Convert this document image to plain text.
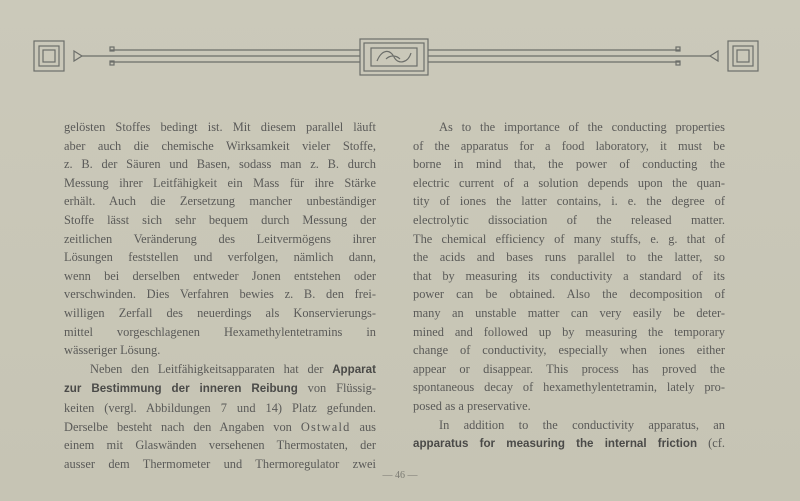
gelösten Stoffes bedingt ist. Mit diesem parallel läuft
aber auch die chemische Wirksamkeit vieler Stoffe,
z. B. der Säuren und Basen, sodass man z. B. durch
Messung ihrer Leitfähigkeit ein Mass für ihre Stärke
erhält. Auch die Zersetzung mancher unbeständiger
Stoffe lässt sich sehr bequem durch Messung der
zeitlichen Veränderung des Leitvermögens ihrer
Lösungen feststellen und verfolgen, nämlich dann,
wenn bei derselben entweder Jonen entstehen oder
verschwinden. Dies Verfahren bewies z. B. den frei-
willigen Zerfall des neuerdings als Konservierungs-
mittel vorgeschlagenen Hexamethylentetramins in
wässeriger Lösung.
Neben den Leitfähigkeitsapparaten hat der Apparat
zur Bestimmung der inneren Reibung von Flüssig-
keiten (vergl. Abbildungen 7 und 14) Platz gefunden.
Derselbe besteht nach den Angaben von Ostwald aus
einem mit Glaswänden versehenen Thermostaten, der
ausser dem Thermometer und Thermoregulator zwei
As to the importance of the conducting properties
of the apparatus for a food laboratory, it must be
borne in mind that, the power of conducting the
electric current of a solution depends upon the quan-
tity of iones the latter contains, i. e. the degree of
electrolytic dissociation of the released matter.
The chemical efficiency of many stuffs, e. g. that of
the acids and bases runs parallel to the latter, so
that by measuring its conductivity a standard of its
power can be obtained. Also the decomposition of
many an unstable matter can very easily be deter-
mined and followed up by measuring the temporary
change of conductivity, especially when iones either
appear or disappear. This process has proved the
spontaneous decay of hexamethylentetramin, lately pro-
posed as a preservative.
In addition to the conductivity apparatus, an
apparatus for measuring the internal friction (cf.
— 46 —
